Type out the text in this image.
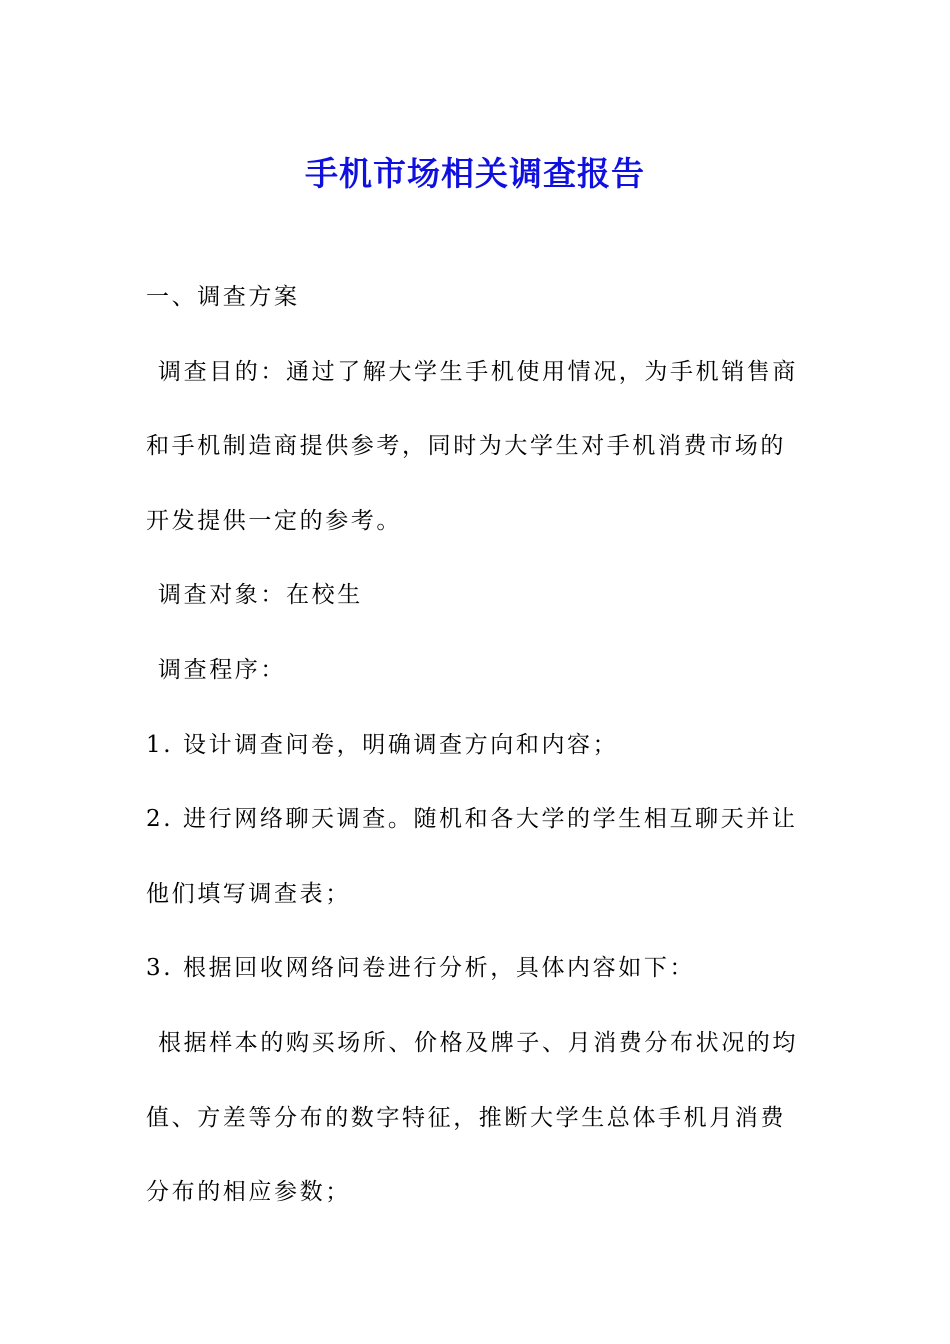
手机市场相关调查报告

一、调查方案

调查目的：通过了解大学生手机使用情况，为手机销售商和手机制造商提供参考，同时为大学生对手机消费市场的开发提供一定的参考。

调查对象：在校生

调查程序：

1. 设计调查问卷，明确调查方向和内容；

2. 进行网络聊天调查。随机和各大学的学生相互聊天并让他们填写调查表；

3. 根据回收网络问卷进行分析，具体内容如下：

根据样本的购买场所、价格及牌子、月消费分布状况的均值、方差等分布的数字特征，推断大学生总体手机月消费分布的相应参数；
